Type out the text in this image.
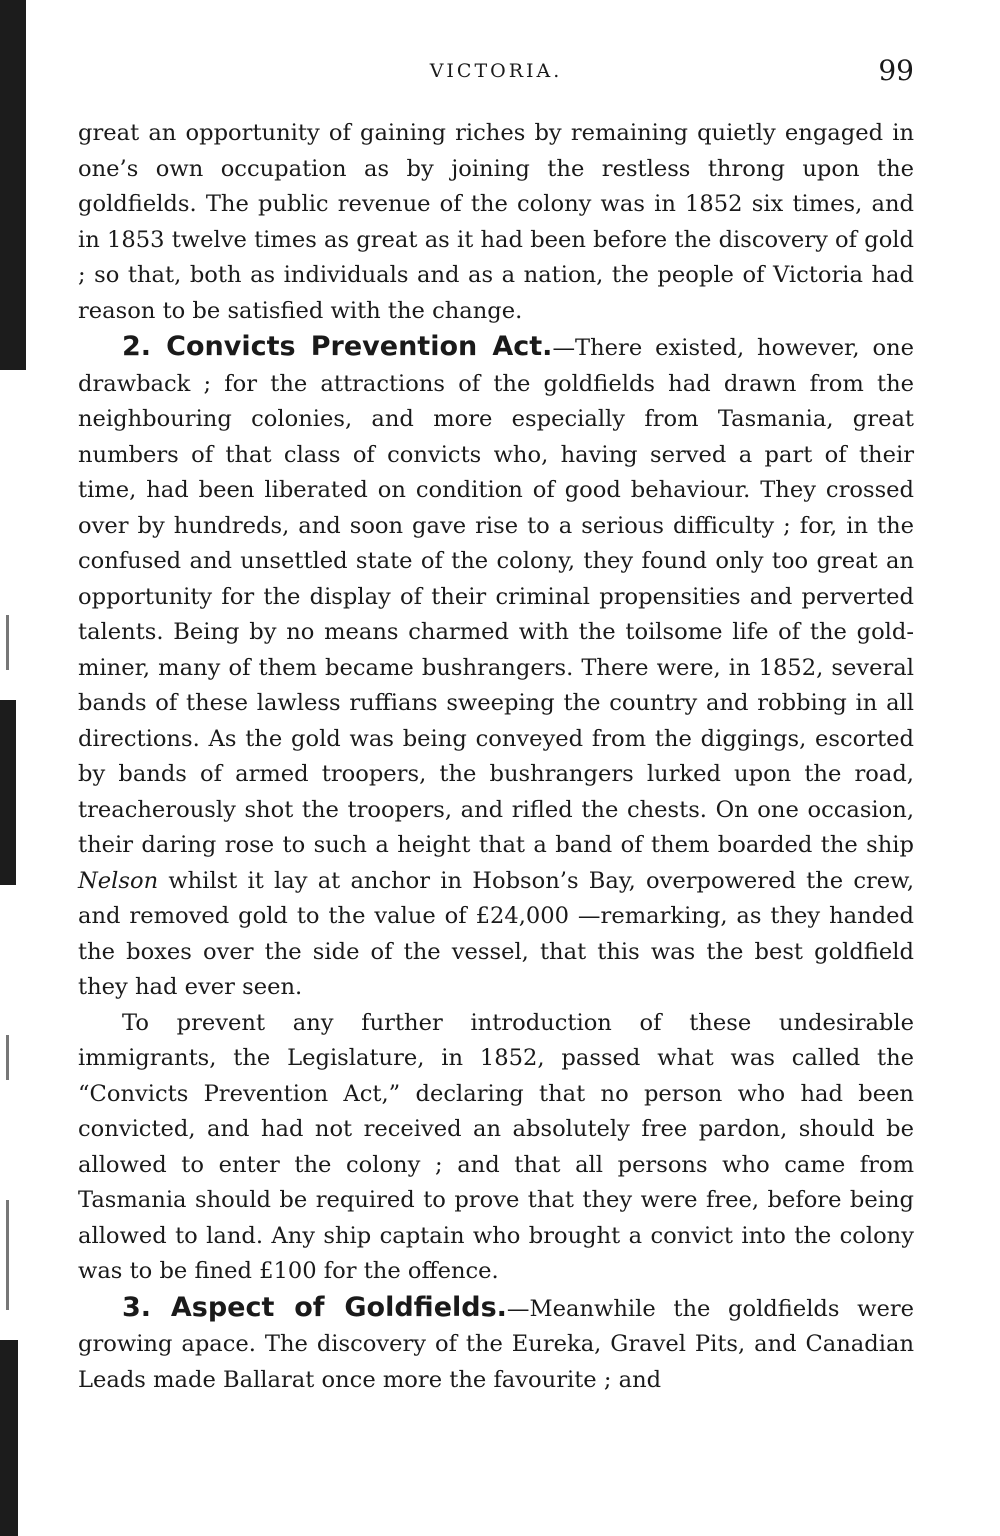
VICTORIA.	99

great an opportunity of gaining riches by remaining quietly engaged in one’s own occupation as by joining the restless throng upon the goldfields. The public revenue of the colony was in 1852 six times, and in 1853 twelve times as great as it had been before the discovery of gold ; so that, both as individuals and as a nation, the people of Victoria had reason to be satisfied with the change.

2. Convicts Prevention Act.—There existed, however, one drawback ; for the attractions of the goldfields had drawn from the neighbouring colonies, and more especially from Tasmania, great numbers of that class of convicts who, having served a part of their time, had been liberated on condition of good behaviour. They crossed over by hundreds, and soon gave rise to a serious difficulty ; for, in the confused and unsettled state of the colony, they found only too great an opportunity for the display of their criminal propensities and perverted talents. Being by no means charmed with the toilsome life of the gold-miner, many of them became bushrangers. There were, in 1852, several bands of these lawless ruffians sweeping the country and robbing in all directions. As the gold was being conveyed from the diggings, escorted by bands of armed troopers, the bushrangers lurked upon the road, treacherously shot the troopers, and rifled the chests. On one occasion, their daring rose to such a height that a band of them boarded the ship Nelson whilst it lay at anchor in Hobson’s Bay, overpowered the crew, and removed gold to the value of £24,000 —remarking, as they handed the boxes over the side of the vessel, that this was the best goldfield they had ever seen.

To prevent any further introduction of these undesirable immigrants, the Legislature, in 1852, passed what was called the “Convicts Prevention Act,” declaring that no person who had been convicted, and had not received an absolutely free pardon, should be allowed to enter the colony ; and that all persons who came from Tasmania should be required to prove that they were free, before being allowed to land. Any ship captain who brought a convict into the colony was to be fined £100 for the offence.

3. Aspect of Goldfields.—Meanwhile the goldfields were growing apace. The discovery of the Eureka, Gravel Pits, and Canadian Leads made Ballarat once more the favourite ; and
